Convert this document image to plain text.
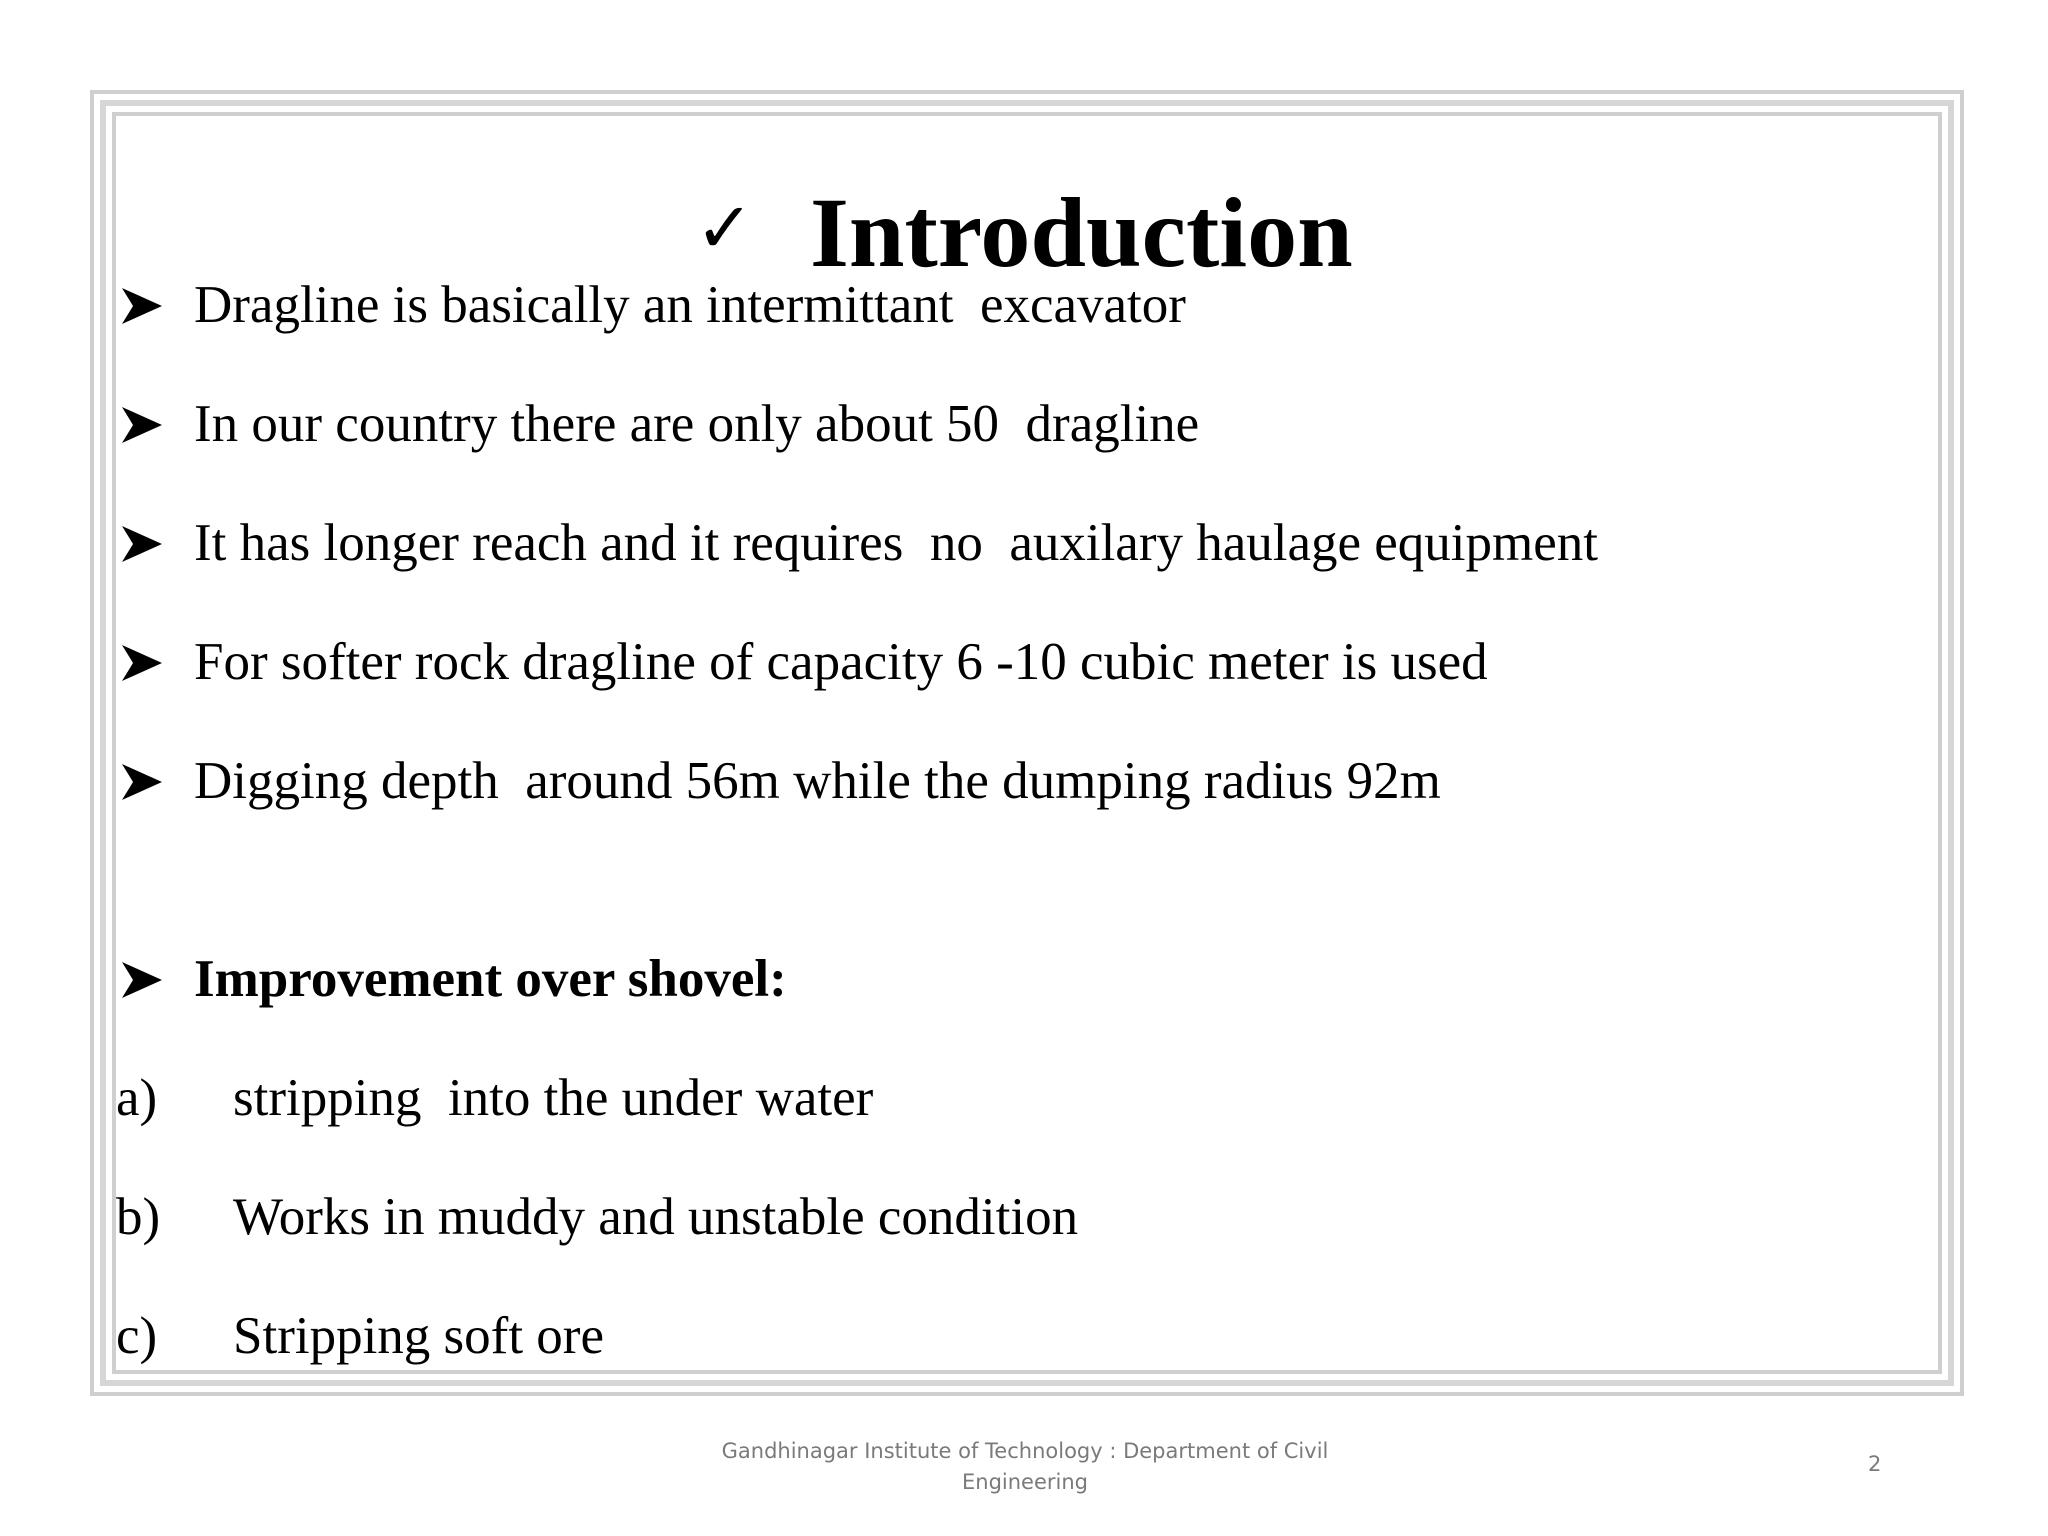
✓ Introduction

Dragline is basically an intermittant  excavator

In our country there are only about 50  dragline

It has longer reach and it requires  no  auxilary haulage equipment

For softer rock dragline of capacity 6 -10 cubic meter is used

Digging depth  around 56m while the dumping radius 92m

Improvement over shovel:

a)

stripping  into the under water

b)

Works in muddy and unstable condition

c)

Stripping soft ore

Gandhinagar Institute of Technology : Department of Civil Engineering
2
